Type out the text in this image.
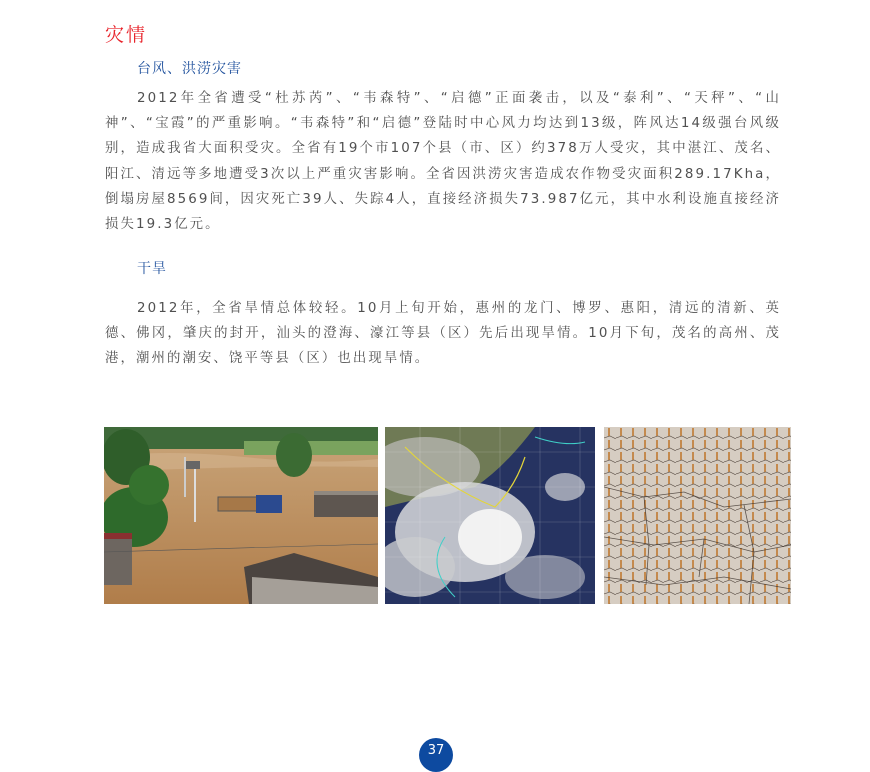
灾情
台风、洪涝灾害

2012年全省遭受“杜苏芮”、“韦森特”、“启德”正面袭击，以及“泰利”、“天秤”、“山神”、“宝霞”的严重影响。“韦森特”和“启德”登陆时中心风力均达到13级，阵风达14级强台风级别，造成我省大面积受灾。全省有19个市107个县（市、区）约378万人受灾，其中湛江、茂名、阳江、清远等多地遭受3次以上严重灾害影响。全省因洪涝灾害造成农作物受灾面积289.17Kha，倒塌房屋8569间，因灾死亡39人、失踪4人，直接经济损失73.987亿元，其中水利设施直接经济损失19.3亿元。

干旱

2012年，全省旱情总体较轻。10月上旬开始，惠州的龙门、博罗、惠阳，清远的清新、英德、佛冈，肇庆的封开，汕头的澄海、濠江等县（区）先后出现旱情。10月下旬，茂名的高州、茂港，潮州的潮安、饶平等县（区）也出现旱情。

37
